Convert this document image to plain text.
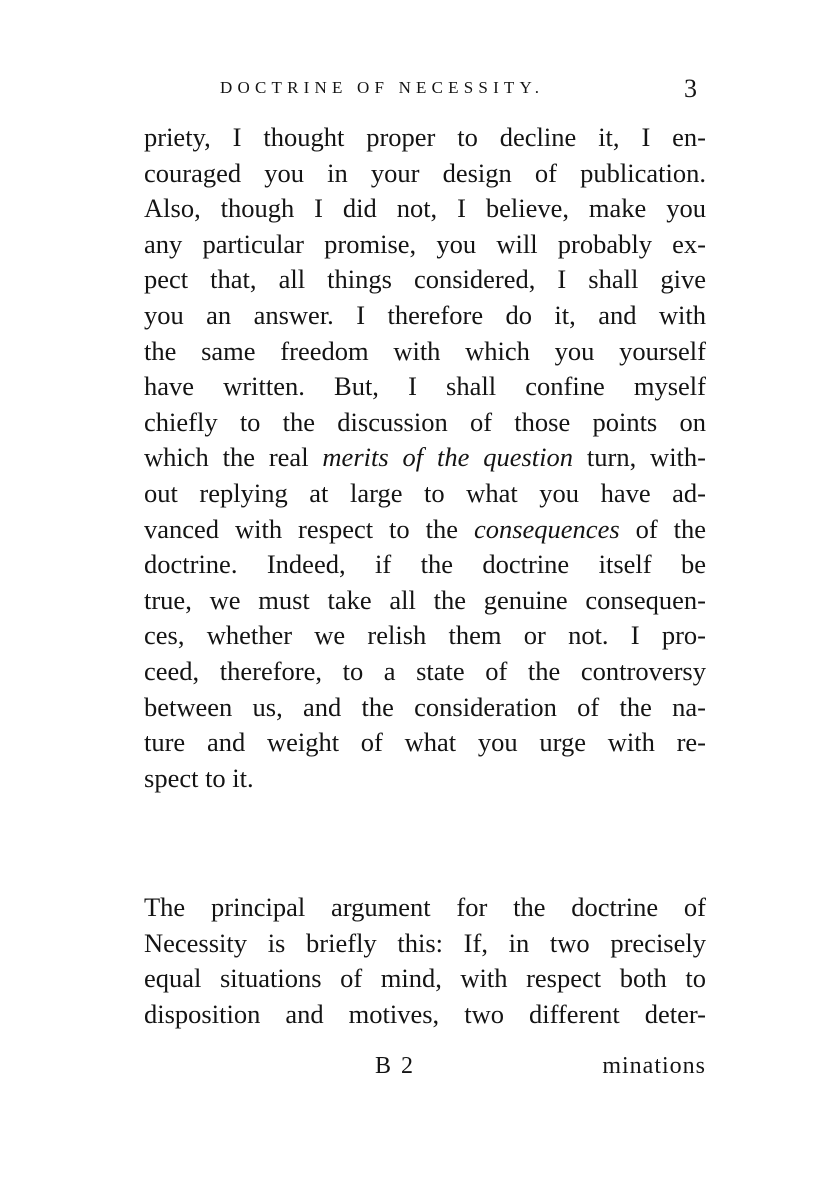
DOCTRINE OF NECESSITY.	3
priety, I thought proper to decline it, I en-
couraged you in your design of publication.
Also, though I did not, I believe, make you
any particular promise, you will probably ex-
pect that, all things considered, I shall give
you an answer. I therefore do it, and with
the same freedom with which you yourself
have written. But, I shall confine myself
chiefly to the discussion of those points on
which the real merits of the question turn, with-
out replying at large to what you have ad-
vanced with respect to the consequences of the
doctrine. Indeed, if the doctrine itself be
true, we must take all the genuine consequen-
ces, whether we relish them or not. I pro-
ceed, therefore, to a state of the controversy
between us, and the consideration of the na-
ture and weight of what you urge with re-
spect to it.
The principal argument for the doctrine of
Necessity is briefly this: If, in two precisely
equal situations of mind, with respect both to
disposition and motives, two different deter-
B 2	minations
